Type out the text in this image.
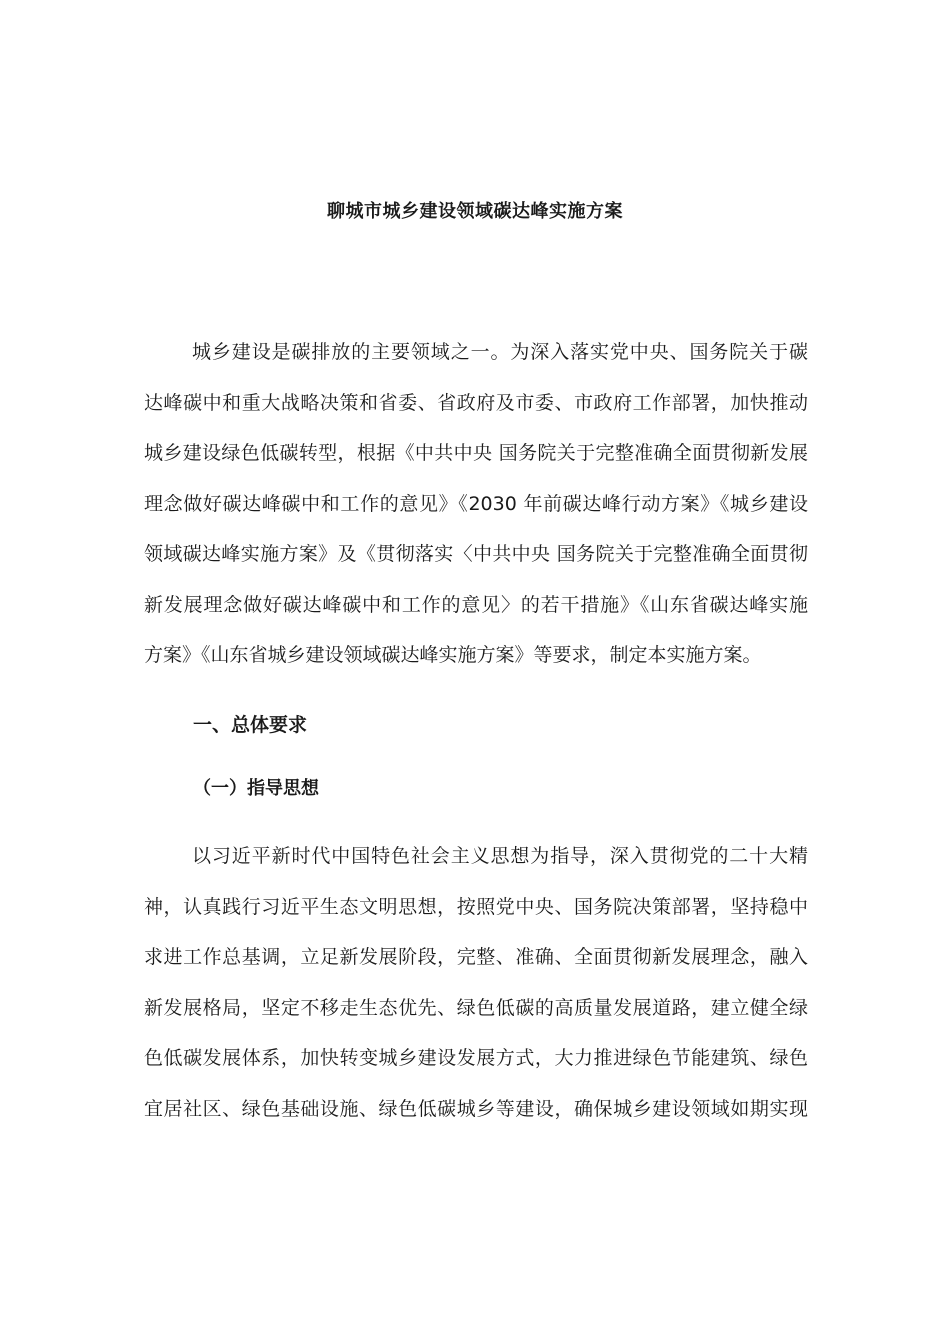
聊城市城乡建设领域碳达峰实施方案
城乡建设是碳排放的主要领域之一。为深入落实党中央、国务院关于碳
达峰碳中和重大战略决策和省委、省政府及市委、市政府工作部署，加快推动
城乡建设绿色低碳转型，根据《中共中央 国务院关于完整准确全面贯彻新发展
理念做好碳达峰碳中和工作的意见》《2030 年前碳达峰行动方案》《城乡建设
领域碳达峰实施方案》及《贯彻落实〈中共中央 国务院关于完整准确全面贯彻
新发展理念做好碳达峰碳中和工作的意见〉的若干措施》《山东省碳达峰实施
方案》《山东省城乡建设领域碳达峰实施方案》等要求，制定本实施方案。
一、总体要求
（一）指导思想
以习近平新时代中国特色社会主义思想为指导，深入贯彻党的二十大精
神，认真践行习近平生态文明思想，按照党中央、国务院决策部署，坚持稳中
求进工作总基调，立足新发展阶段，完整、准确、全面贯彻新发展理念，融入
新发展格局，坚定不移走生态优先、绿色低碳的高质量发展道路，建立健全绿
色低碳发展体系，加快转变城乡建设发展方式，大力推进绿色节能建筑、绿色
宜居社区、绿色基础设施、绿色低碳城乡等建设，确保城乡建设领域如期实现
